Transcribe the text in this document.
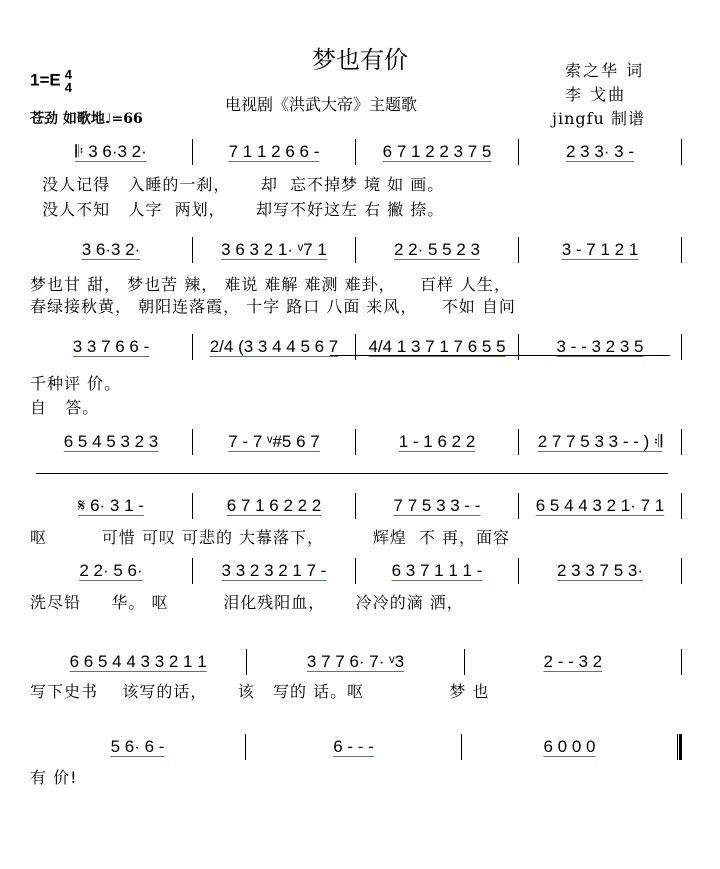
梦也有价
1=E 4
4
苍劲 如歌地♩=66
电视剧《洪武大帝》主题歌
索之华 词
李 戈曲
jingfu 制谱
𝄆 3 6·3 2·	7 1 1 2 6 6 -	6 7 1 2 2 3 7 5	2 3 3· 3 -
没人记得   入睡的一刹，     却  忘不掉梦 境 如 画。
没人不知   人字  两划，     却写不好这左 右 撇 捺。
3 6·3 2·	3 6 3 2 1· ᵛ7 1	2 2· 5 5 2 3	3 - 7 1 2 1
梦也甘 甜， 梦也苦 辣， 难说 难解 难测 难卦，    百样 人生，
春绿接秋黄， 朝阳连落霞， 十字 路口 八面 来风，    不如 自问
3 3 7 6 6 -	2/4 (3 3 4 4 5 6 7 4/4 1 3 7 1 7 6 5 5	3 - - 3 2 3 5
千种评 价。
自   答。
6 5 4 5 3 2 3	7 - 7 ᵛ#5 6 7	1 - 1 6 2 2	2 7 7 5 3 3 - - ) 𝄇
𝄋 6· 3 1 -	6 7 1 6 2 2 2	7 7 5 3 3 - -	6 5 4 4 3 2 1· 7 1
呕         可惜 可叹 可悲的 大幕落下，        辉煌  不 再，面容
2 2· 5 6·	3 3 2 3 2 1 7 -	6 3 7 1 1 1 -	2 3 3 7 5 3·
洗尽铅     华。 呕         泪化残阳血，     冷冷的滴 洒，
6 6 5 4 4 3 3 2 1 1	3 7 7 6· 7· ᵛ3	2 - - 3 2
写下史书    该写的话，     该   写的 话。呕              梦 也
5 6· 6 -	6 - - -	6 0 0 0
有 价!
